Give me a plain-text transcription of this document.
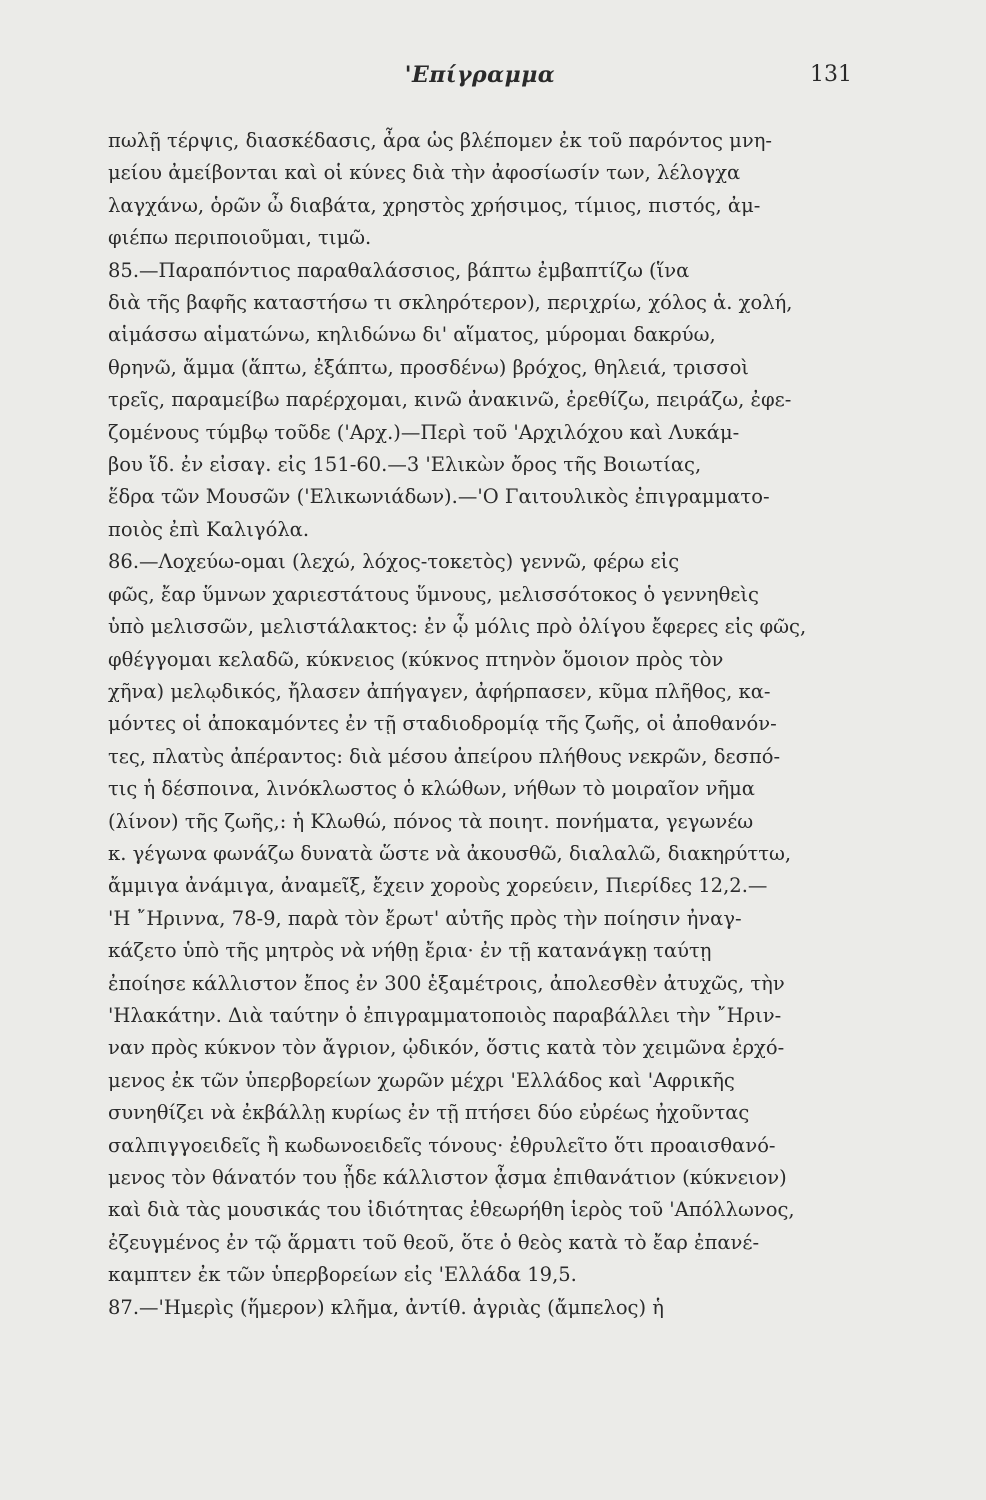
'Επίγραμμα	131
πωλῇ τέρψις, διασκέδασις, ἆρα ὡς βλέπομεν ἐκ τοῦ παρόντος μνη-
μείου ἀμείβονται καὶ οἱ κύνες διὰ τὴν ἀφοσίωσίν των, λέλογχα
λαγχάνω, ὁρῶν ὦ διαβάτα, χρηστὸς χρήσιμος, τίμιος, πιστός, ἀμ-
φιέπω περιποιοῦμαι, τιμῶ.
85.—Παραπόντιος παραθαλάσσιος, βάπτω ἐμβαπτίζω (ἵνα
διὰ τῆς βαφῆς καταστήσω τι σκληρότερον), περιχρίω, χόλος ἁ. χολή,
αἱμάσσω αἱματώνω, κηλιδώνω δι' αἵματος, μύρομαι δακρύω,
θρηνῶ, ἅμμα (ἅπτω, ἐξάπτω, προσδένω) βρόχος, θηλειά, τρισσοὶ
τρεῖς, παραμείβω παρέρχομαι, κινῶ ἀνακινῶ, ἐρεθίζω, πειράζω, ἐφε-
ζομένους τύμβῳ τοῦδε ('Αρχ.)—Περὶ τοῦ 'Αρχιλόχου καὶ Λυκάμ-
βου ἴδ. ἐν εἰσαγ. εἰς 151-60.—3 'Ελικὼν ὄρος τῆς Βοιωτίας,
ἕδρα τῶν Μουσῶν ('Ελικωνιάδων).—'Ο Γαιτουλικὸς ἐπιγραμματο-
ποιὸς ἐπὶ Καλιγόλα.
86.—Λοχεύω-ομαι (λεχώ, λόχος-τοκετὸς) γεννῶ, φέρω εἰς
φῶς, ἔαρ ὕμνων χαριεστάτους ὕμνους, μελισσότοκος ὁ γεννηθεὶς
ὑπὸ μελισσῶν, μελιστάλακτος: ἐν ᾧ μόλις πρὸ ὀλίγου ἔφερες εἰς φῶς,
φθέγγομαι κελαδῶ, κύκνειος (κύκνος πτηνὸν ὅμοιον πρὸς τὸν
χῆνα) μελῳδικός, ἤλασεν ἀπήγαγεν, ἀφήρπασεν, κῦμα πλῆθος, κα-
μόντες οἱ ἀποκαμόντες ἐν τῇ σταδιοδρομίᾳ τῆς ζωῆς, οἱ ἀποθανόν-
τες, πλατὺς ἀπέραντος: διὰ μέσου ἀπείρου πλήθους νεκρῶν, δεσπό-
τις ἡ δέσποινα, λινόκλωστος ὁ κλώθων, νήθων τὸ μοιραῖον νῆμα
(λίνον) τῆς ζωῆς,: ἡ Κλωθώ, πόνος τὰ ποιητ. πονήματα, γεγωνέω
κ. γέγωνα φωνάζω δυνατὰ ὥστε νὰ ἀκουσθῶ, διαλαλῶ, διακηρύττω,
ἄμμιγα ἀνάμιγα, ἀναμεῖξ, ἔχειν χοροὺς χορεύειν, Πιερίδες 12,2.—
'Η ῎Ηριννα, 78-9, παρὰ τὸν ἔρωτ' αὐτῆς πρὸς τὴν ποίησιν ἠναγ-
κάζετο ὑπὸ τῆς μητρὸς νὰ νήθῃ ἔρια· ἐν τῇ κατανάγκῃ ταύτῃ
ἐποίησε κάλλιστον ἔπος ἐν 300 ἑξαμέτροις, ἀπολεσθὲν ἀτυχῶς, τὴν
'Ηλακάτην. Διὰ ταύτην ὁ ἐπιγραμματοποιὸς παραβάλλει τὴν ῎Ηριν-
ναν πρὸς κύκνον τὸν ἄγριον, ᾠδικόν, ὅστις κατὰ τὸν χειμῶνα ἐρχό-
μενος ἐκ τῶν ὑπερβορείων χωρῶν μέχρι 'Ελλάδος καὶ 'Αφρικῆς
συνηθίζει νὰ ἐκβάλλῃ κυρίως ἐν τῇ πτήσει δύο εὐρέως ἠχοῦντας
σαλπιγγοειδεῖς ἢ κωδωνοειδεῖς τόνους· ἐθρυλεῖτο ὅτι προαισθανό-
μενος τὸν θάνατόν του ᾖδε κάλλιστον ᾆσμα ἐπιθανάτιον (κύκνειον)
καὶ διὰ τὰς μουσικάς του ἰδιότητας ἐθεωρήθη ἱερὸς τοῦ 'Απόλλωνος,
ἐζευγμένος ἐν τῷ ἅρματι τοῦ θεοῦ, ὅτε ὁ θεὸς κατὰ τὸ ἔαρ ἐπανέ-
καμπτεν ἐκ τῶν ὑπερβορείων εἰς 'Ελλάδα 19,5.
87.—'Ημερὶς (ἥμερον) κλῆμα, ἀντίθ. ἀγριὰς (ἄμπελος) ἡ
